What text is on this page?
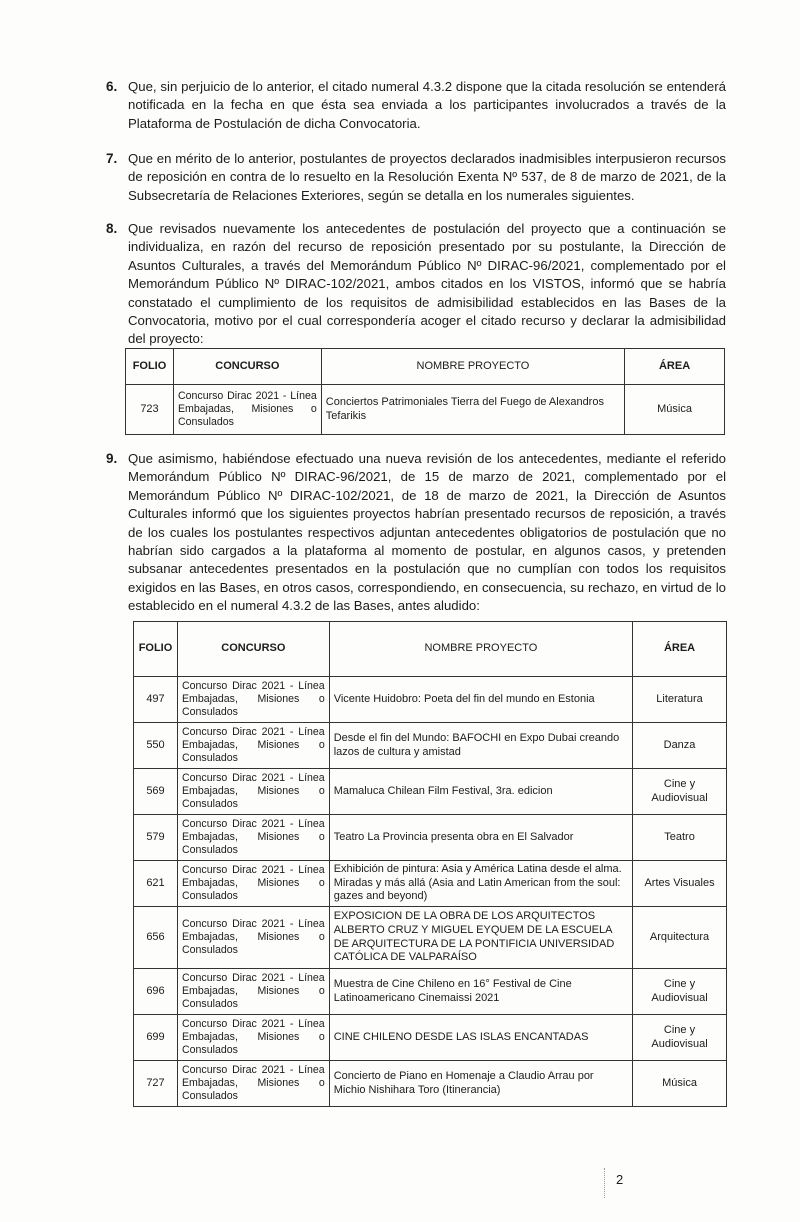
6. Que, sin perjuicio de lo anterior, el citado numeral 4.3.2 dispone que la citada resolución se entenderá notificada en la fecha en que ésta sea enviada a los participantes involucrados a través de la Plataforma de Postulación de dicha Convocatoria.
7. Que en mérito de lo anterior, postulantes de proyectos declarados inadmisibles interpusieron recursos de reposición en contra de lo resuelto en la Resolución Exenta Nº 537, de 8 de marzo de 2021, de la Subsecretaría de Relaciones Exteriores, según se detalla en los numerales siguientes.
8. Que revisados nuevamente los antecedentes de postulación del proyecto que a continuación se individualiza, en razón del recurso de reposición presentado por su postulante, la Dirección de Asuntos Culturales, a través del Memorándum Público Nº DIRAC-96/2021, complementado por el Memorándum Público Nº DIRAC-102/2021, ambos citados en los VISTOS, informó que se habría constatado el cumplimiento de los requisitos de admisibilidad establecidos en las Bases de la Convocatoria, motivo por el cual correspondería acoger el citado recurso y declarar la admisibilidad del proyecto:
FOLIO	CONCURSO	NOMBRE PROYECTO	ÁREA
723	Concurso Dirac 2021 - Línea Embajadas, Misiones o Consulados	Conciertos Patrimoniales Tierra del Fuego de Alexandros Tefarikis	Música
9. Que asimismo, habiéndose efectuado una nueva revisión de los antecedentes, mediante el referido Memorándum Público Nº DIRAC-96/2021, de 15 de marzo de 2021, complementado por el Memorándum Público Nº DIRAC-102/2021, de 18 de marzo de 2021, la Dirección de Asuntos Culturales informó que los siguientes proyectos habrían presentado recursos de reposición, a través de los cuales los postulantes respectivos adjuntan antecedentes obligatorios de postulación que no habrían sido cargados a la plataforma al momento de postular, en algunos casos, y pretenden subsanar antecedentes presentados en la postulación que no cumplían con todos los requisitos exigidos en las Bases, en otros casos, correspondiendo, en consecuencia, su rechazo, en virtud de lo establecido en el numeral 4.3.2 de las Bases, antes aludido:
FOLIO	CONCURSO	NOMBRE PROYECTO	ÁREA
497	Concurso Dirac 2021 - Línea Embajadas, Misiones o Consulados	Vicente Huidobro: Poeta del fin del mundo en Estonia	Literatura
550	Concurso Dirac 2021 - Línea Embajadas, Misiones o Consulados	Desde el fin del Mundo: BAFOCHI en Expo Dubai creando lazos de cultura y amistad	Danza
569	Concurso Dirac 2021 - Línea Embajadas, Misiones o Consulados	Mamaluca Chilean Film Festival, 3ra. edicion	Cine y Audiovisual
579	Concurso Dirac 2021 - Línea Embajadas, Misiones o Consulados	Teatro La Provincia presenta obra en El Salvador	Teatro
621	Concurso Dirac 2021 - Línea Embajadas, Misiones o Consulados	Exhibición de pintura: Asia y América Latina desde el alma. Miradas y más allá (Asia and Latin American from the soul: gazes and beyond)	Artes Visuales
656	Concurso Dirac 2021 - Línea Embajadas, Misiones o Consulados	EXPOSICION DE LA OBRA DE LOS ARQUITECTOS ALBERTO CRUZ Y MIGUEL EYQUEM DE LA ESCUELA DE ARQUITECTURA DE LA PONTIFICIA UNIVERSIDAD CATÓLICA DE VALPARAÍSO	Arquitectura
696	Concurso Dirac 2021 - Línea Embajadas, Misiones o Consulados	Muestra de Cine Chileno en 16° Festival de Cine Latinoamericano Cinemaissi 2021	Cine y Audiovisual
699	Concurso Dirac 2021 - Línea Embajadas, Misiones o Consulados	CINE CHILENO DESDE LAS ISLAS ENCANTADAS	Cine y Audiovisual
727	Concurso Dirac 2021 - Línea Embajadas, Misiones o Consulados	Concierto de Piano en Homenaje a Claudio Arrau por Michio Nishihara Toro (Itinerancia)	Música
2
